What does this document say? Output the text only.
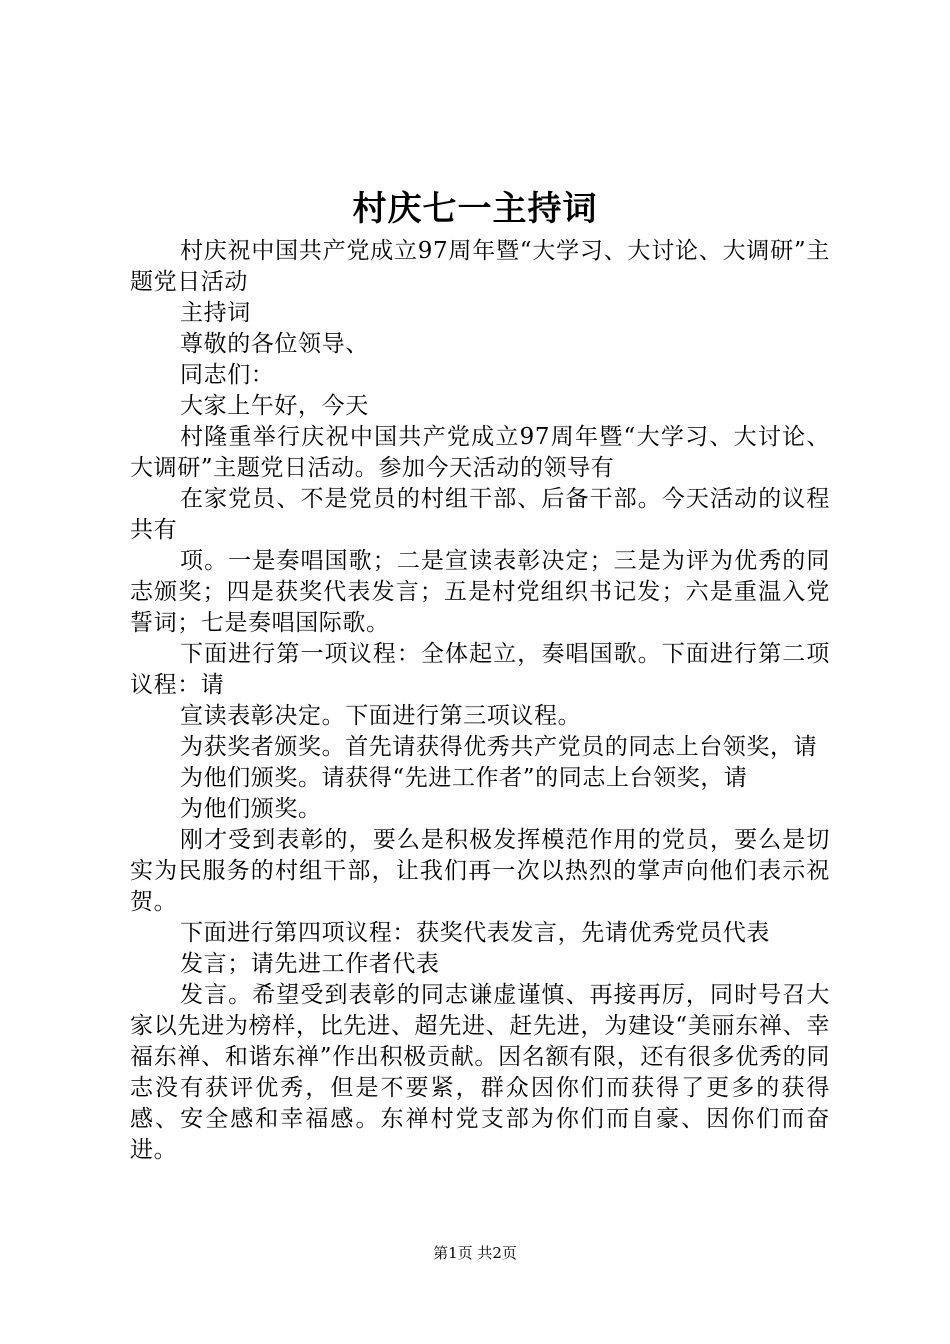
村庆七一主持词

村庆祝中国共产党成立97周年暨“大学习、大讨论、大调研”主题党日活动

主持词

尊敬的各位领导、

同志们：

大家上午好，今天

村隆重举行庆祝中国共产党成立97周年暨“大学习、大讨论、大调研”主题党日活动。参加今天活动的领导有

在家党员、不是党员的村组干部、后备干部。今天活动的议程共有

项。一是奏唱国歌；二是宣读表彰决定；三是为评为优秀的同志颁奖；四是获奖代表发言；五是村党组织书记发；六是重温入党誓词；七是奏唱国际歌。

下面进行第一项议程：全体起立，奏唱国歌。下面进行第二项议程：请

宣读表彰决定。下面进行第三项议程。

为获奖者颁奖。首先请获得优秀共产党员的同志上台领奖，请

为他们颁奖。请获得“先进工作者”的同志上台领奖，请

为他们颁奖。

刚才受到表彰的，要么是积极发挥模范作用的党员，要么是切实为民服务的村组干部，让我们再一次以热烈的掌声向他们表示祝贺。

下面进行第四项议程：获奖代表发言，先请优秀党员代表

发言；请先进工作者代表

发言。希望受到表彰的同志谦虚谨慎、再接再厉，同时号召大家以先进为榜样，比先进、超先进、赶先进，为建设“美丽东禅、幸福东禅、和谐东禅”作出积极贡献。因名额有限，还有很多优秀的同志没有获评优秀，但是不要紧，群众因你们而获得了更多的获得感、安全感和幸福感。东禅村党支部为你们而自豪、因你们而奋进。

第1页 共2页
